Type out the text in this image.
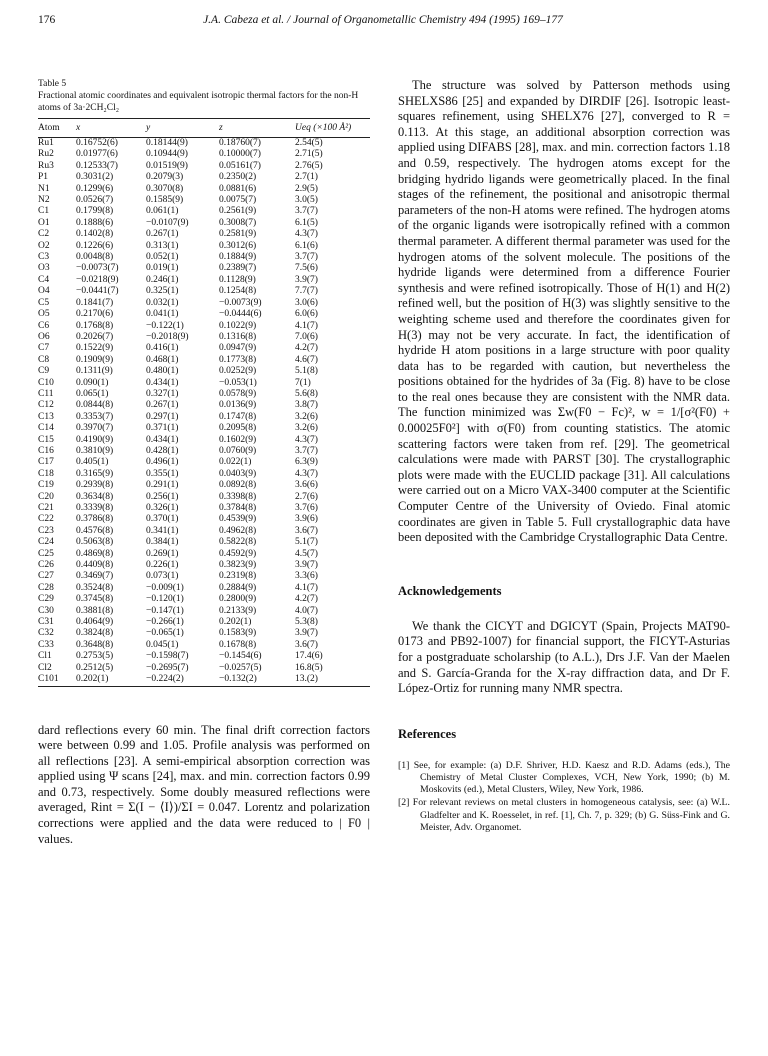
176	J.A. Cabeza et al. / Journal of Organometallic Chemistry 494 (1995) 169–177
Table 5
Fractional atomic coordinates and equivalent isotropic thermal factors for the non-H atoms of 3a·2CH₂Cl₂
Atom	x	y	z	Ueq (×100 Å²)
Ru1	0.16752(6)	0.18144(9)	0.18760(7)	2.54(5)
Ru2	0.01977(6)	0.10944(9)	0.10000(7)	2.71(5)
Ru3	0.12533(7)	0.01519(9)	0.05161(7)	2.76(5)
P1	0.3031(2)	0.2079(3)	0.2350(2)	2.7(1)
N1	0.1299(6)	0.3070(8)	0.0881(6)	2.9(5)
N2	0.0526(7)	0.1585(9)	0.0075(7)	3.0(5)
C1	0.1799(8)	0.061(1)	0.2561(9)	3.7(7)
O1	0.1888(6)	−0.0107(9)	0.3008(7)	6.1(5)
C2	0.1402(8)	0.267(1)	0.2581(9)	4.3(7)
O2	0.1226(6)	0.313(1)	0.3012(6)	6.1(6)
C3	0.0048(8)	0.052(1)	0.1884(9)	3.7(7)
O3	−0.0073(7)	0.019(1)	0.2389(7)	7.5(6)
C4	−0.0218(9)	0.246(1)	0.1128(9)	3.9(7)
O4	−0.0441(7)	0.325(1)	0.1254(8)	7.7(7)
C5	0.1841(7)	0.032(1)	−0.0073(9)	3.0(6)
O5	0.2170(6)	0.041(1)	−0.0444(6)	6.0(6)
C6	0.1768(8)	−0.122(1)	0.1022(9)	4.1(7)
O6	0.2026(7)	−0.2018(9)	0.1316(8)	7.0(6)
C7	0.1522(9)	0.416(1)	0.0947(9)	4.2(7)
C8	0.1909(9)	0.468(1)	0.1773(8)	4.6(7)
C9	0.1311(9)	0.480(1)	0.0252(9)	5.1(8)
C10	0.090(1)	0.434(1)	−0.053(1)	7(1)
C11	0.065(1)	0.327(1)	0.0578(9)	5.6(8)
C12	0.0844(8)	0.267(1)	0.0136(9)	3.8(7)
C13	0.3353(7)	0.297(1)	0.1747(8)	3.2(6)
C14	0.3970(7)	0.371(1)	0.2095(8)	3.2(6)
C15	0.4190(9)	0.434(1)	0.1602(9)	4.3(7)
C16	0.3810(9)	0.428(1)	0.0760(9)	3.7(7)
C17	0.405(1)	0.496(1)	0.022(1)	6.3(9)
C18	0.3165(9)	0.355(1)	0.0403(9)	4.3(7)
C19	0.2939(8)	0.291(1)	0.0892(8)	3.6(6)
C20	0.3634(8)	0.256(1)	0.3398(8)	2.7(6)
C21	0.3339(8)	0.326(1)	0.3784(8)	3.7(6)
C22	0.3786(8)	0.370(1)	0.4539(9)	3.9(6)
C23	0.4576(8)	0.341(1)	0.4962(8)	3.6(7)
C24	0.5063(8)	0.384(1)	0.5822(8)	5.1(7)
C25	0.4869(8)	0.269(1)	0.4592(9)	4.5(7)
C26	0.4409(8)	0.226(1)	0.3823(9)	3.9(7)
C27	0.3469(7)	0.073(1)	0.2319(8)	3.3(6)
C28	0.3524(8)	−0.009(1)	0.2884(9)	4.1(7)
C29	0.3745(8)	−0.120(1)	0.2800(9)	4.2(7)
C30	0.3881(8)	−0.147(1)	0.2133(9)	4.0(7)
C31	0.4064(9)	−0.266(1)	0.202(1)	5.3(8)
C32	0.3824(8)	−0.065(1)	0.1583(9)	3.9(7)
C33	0.3648(8)	0.045(1)	0.1678(8)	3.6(7)
Cl1	0.2753(5)	−0.1598(7)	−0.1454(6)	17.4(6)
Cl2	0.2512(5)	−0.2695(7)	−0.0257(5)	16.8(5)
C101	0.202(1)	−0.224(2)	−0.132(2)	13.(2)

dard reflections every 60 min. The final drift correction factors were between 0.99 and 1.05. Profile analysis was performed on all reflections [23]. A semi-empirical absorption correction was applied using Ψ scans [24], max. and min. correction factors 0.99 and 0.73, respectively. Some doubly measured reflections were averaged, Rint = Σ(I − ⟨I⟩)/ΣI = 0.047. Lorentz and polarization corrections were applied and the data were reduced to | F0 | values.

The structure was solved by Patterson methods using SHELXS86 [25] and expanded by DIRDIF [26]. Isotropic least-squares refinement, using SHELX76 [27], converged to R = 0.113. At this stage, an additional absorption correction was applied using DIFABS [28], max. and min. correction factors 1.18 and 0.59, respectively. The hydrogen atoms except for the bridging hydrido ligands were geometrically placed. In the final stages of the refinement, the positional and anisotropic thermal parameters of the non-H atoms were refined. The hydrogen atoms of the organic ligands were isotropically refined with a common thermal parameter. A different thermal parameter was used for the hydrogen atoms of the solvent molecule. The positions of the hydride ligands were determined from a difference Fourier synthesis and were refined isotropically. Those of H(1) and H(2) refined well, but the position of H(3) was slightly sensitive to the weighting scheme used and therefore the coordinates given for H(3) may not be very accurate. In fact, the identification of hydride H atom positions in a large structure with poor quality data has to be regarded with caution, but nevertheless the positions obtained for the hydrides of 3a (Fig. 8) have to be close to the real ones because they are consistent with the NMR data. The function minimized was Σw(F0 − Fc)², w = 1/[σ²(F0) + 0.00025F0²] with σ(F0) from counting statistics. The atomic scattering factors were taken from ref. [29]. The geometrical calculations were made with PARST [30]. The crystallographic plots were made with the EUCLID package [31]. All calculations were carried out on a Micro VAX-3400 computer at the Scientific Computer Centre of the University of Oviedo. Final atomic coordinates are given in Table 5. Full crystallographic data have been deposited with the Cambridge Crystallographic Data Centre.

Acknowledgements

We thank the CICYT and DGICYT (Spain, Projects MAT90-0173 and PB92-1007) for financial support, the FICYT-Asturias for a postgraduate scholarship (to A.L.), Drs J.F. Van der Maelen and S. García-Granda for the X-ray diffraction data, and Dr F. López-Ortiz for running many NMR spectra.

References
[1] See, for example: (a) D.F. Shriver, H.D. Kaesz and R.D. Adams (eds.), The Chemistry of Metal Cluster Complexes, VCH, New York, 1990; (b) M. Moskovits (ed.), Metal Clusters, Wiley, New York, 1986.
[2] For relevant reviews on metal clusters in homogeneous catalysis, see: (a) W.L. Gladfelter and K. Roesselet, in ref. [1], Ch. 7, p. 329; (b) G. Süss-Fink and G. Meister, Adv. Organomet.
